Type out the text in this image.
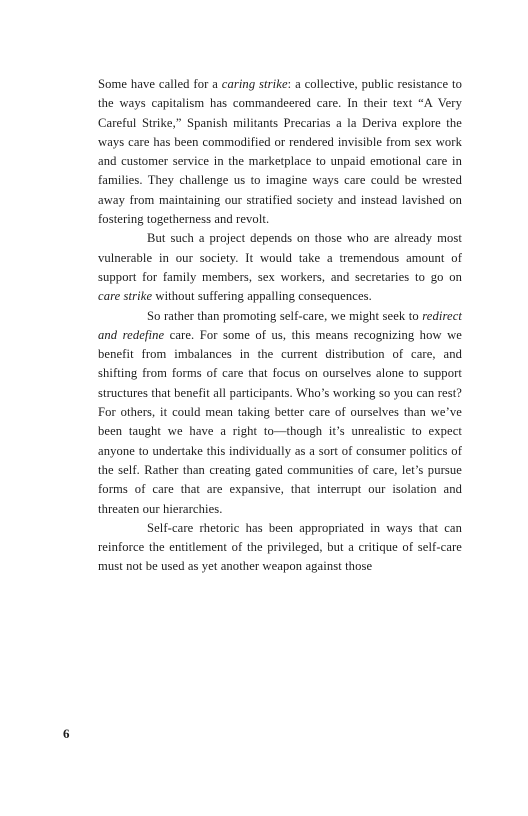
Some have called for a caring strike: a collective, public resistance to the ways capitalism has commandeered care. In their text “A Very Careful Strike,” Spanish militants Precarias a la Deriva explore the ways care has been commodified or rendered invisible from sex work and customer service in the marketplace to unpaid emotional care in families. They challenge us to imagine ways care could be wrested away from maintaining our stratified society and instead lavished on fostering togetherness and revolt.

But such a project depends on those who are already most vulnerable in our society. It would take a tremendous amount of support for family members, sex workers, and secretaries to go on care strike without suffering appalling consequences.

So rather than promoting self-care, we might seek to redirect and redefine care. For some of us, this means recognizing how we benefit from imbalances in the current distribution of care, and shifting from forms of care that focus on ourselves alone to support structures that benefit all participants. Who’s working so you can rest? For others, it could mean taking better care of ourselves than we’ve been taught we have a right to—though it’s unrealistic to expect anyone to undertake this individually as a sort of consumer politics of the self. Rather than creating gated communities of care, let’s pursue forms of care that are expansive, that interrupt our isolation and threaten our hierarchies.

Self-care rhetoric has been appropriated in ways that can reinforce the entitlement of the privileged, but a critique of self-care must not be used as yet another weapon against those

6
